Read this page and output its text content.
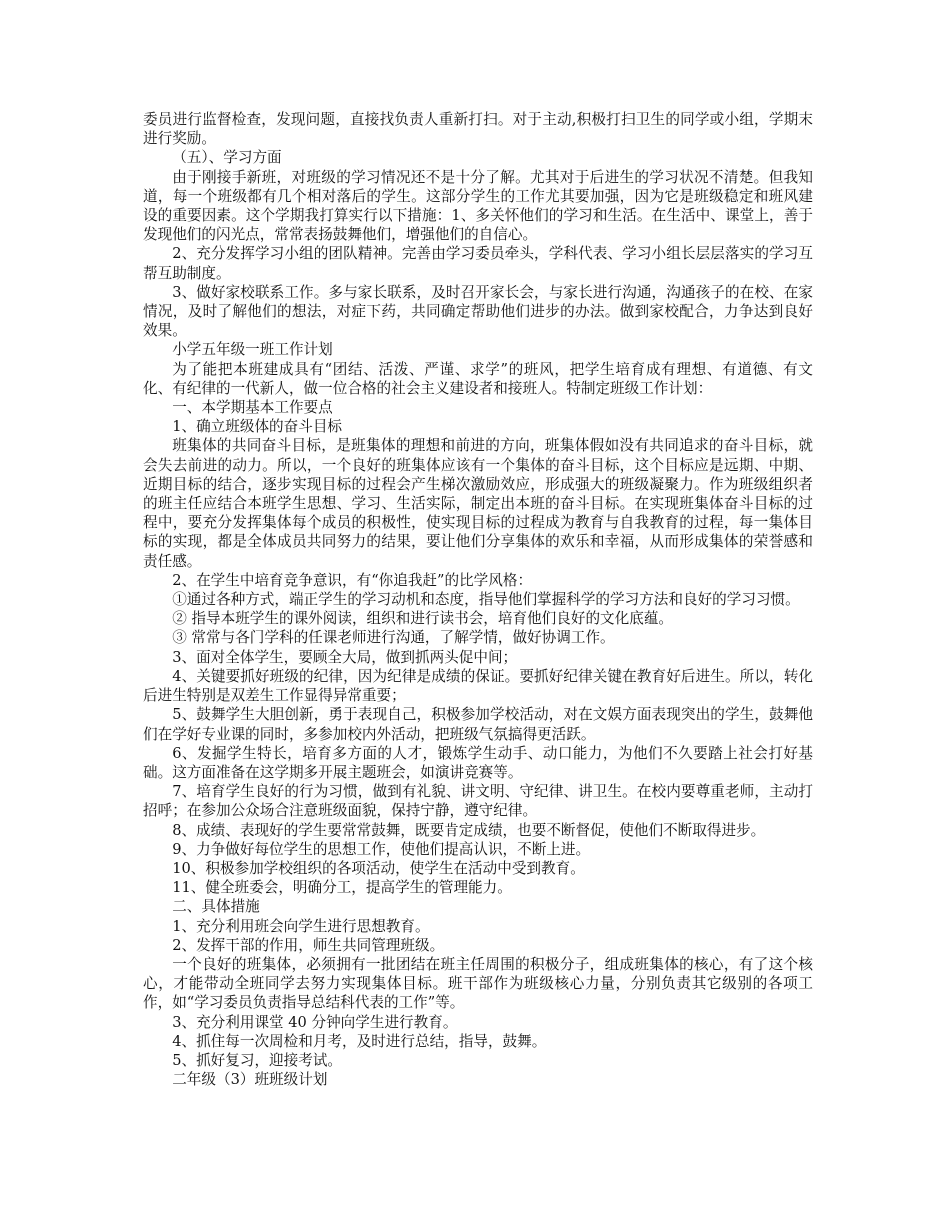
委员进行监督检查，发现问题，直接找负责人重新打扫。对于主动,积极打扫卫生的同学或小组，学期末进行奖励。

（五）、学习方面

由于刚接手新班，对班级的学习情况还不是十分了解。尤其对于后进生的学习状况不清楚。但我知道，每一个班级都有几个相对落后的学生。这部分学生的工作尤其要加强，因为它是班级稳定和班风建设的重要因素。这个学期我打算实行以下措施：1、多关怀他们的学习和生活。在生活中、课堂上，善于发现他们的闪光点，常常表扬鼓舞他们，增强他们的自信心。

2、充分发挥学习小组的团队精神。完善由学习委员牵头，学科代表、学习小组长层层落实的学习互帮互助制度。

3、做好家校联系工作。多与家长联系，及时召开家长会，与家长进行沟通，沟通孩子的在校、在家情况，及时了解他们的想法，对症下药，共同确定帮助他们进步的办法。做到家校配合，力争达到良好效果。

小学五年级一班工作计划

为了能把本班建成具有“团结、活泼、严谨、求学”的班风，把学生培育成有理想、有道德、有文化、有纪律的一代新人，做一位合格的社会主义建设者和接班人。特制定班级工作计划：

一、本学期基本工作要点

1、确立班级体的奋斗目标

班集体的共同奋斗目标，是班集体的理想和前进的方向，班集体假如没有共同追求的奋斗目标，就会失去前进的动力。所以，一个良好的班集体应该有一个集体的奋斗目标，这个目标应是远期、中期、近期目标的结合，逐步实现目标的过程会产生梯次激励效应，形成强大的班级凝聚力。作为班级组织者的班主任应结合本班学生思想、学习、生活实际，制定出本班的奋斗目标。在实现班集体奋斗目标的过程中，要充分发挥集体每个成员的积极性，使实现目标的过程成为教育与自我教育的过程，每一集体目标的实现，都是全体成员共同努力的结果，要让他们分享集体的欢乐和幸福，从而形成集体的荣誉感和责任感。

2、在学生中培育竞争意识，有“你追我赶”的比学风格：

①通过各种方式，端正学生的学习动机和态度，指导他们掌握科学的学习方法和良好的学习习惯。

② 指导本班学生的课外阅读，组织和进行读书会，培育他们良好的文化底蕴。

③ 常常与各门学科的任课老师进行沟通，了解学情，做好协调工作。

3、面对全体学生，要顾全大局，做到抓两头促中间；

4、关键要抓好班级的纪律，因为纪律是成绩的保证。要抓好纪律关键在教育好后进生。所以，转化后进生特别是双差生工作显得异常重要；

5、鼓舞学生大胆创新，勇于表现自己，积极参加学校活动，对在文娱方面表现突出的学生，鼓舞他们在学好专业课的同时，多参加校内外活动，把班级气氛搞得更活跃。

6、发掘学生特长，培育多方面的人才，锻炼学生动手、动口能力，为他们不久要踏上社会打好基础。这方面准备在这学期多开展主题班会，如演讲竞赛等。

7、培育学生良好的行为习惯，做到有礼貌、讲文明、守纪律、讲卫生。在校内要尊重老师，主动打招呼；在参加公众场合注意班级面貌，保持宁静，遵守纪律。

8、成绩、表现好的学生要常常鼓舞，既要肯定成绩，也要不断督促，使他们不断取得进步。

9、力争做好每位学生的思想工作，使他们提高认识，不断上进。

10、积极参加学校组织的各项活动，使学生在活动中受到教育。

11、健全班委会，明确分工，提高学生的管理能力。

二、具体措施

1、充分利用班会向学生进行思想教育。

2、发挥干部的作用，师生共同管理班级。

一个良好的班集体，必须拥有一批团结在班主任周围的积极分子，组成班集体的核心，有了这个核心，才能带动全班同学去努力实现集体目标。班干部作为班级核心力量，分别负责其它级别的各项工作，如“学习委员负责指导总结科代表的工作”等。

3、充分利用课堂 40 分钟向学生进行教育。

4、抓住每一次周检和月考，及时进行总结，指导，鼓舞。

5、抓好复习，迎接考试。

二年级（3）班班级计划
